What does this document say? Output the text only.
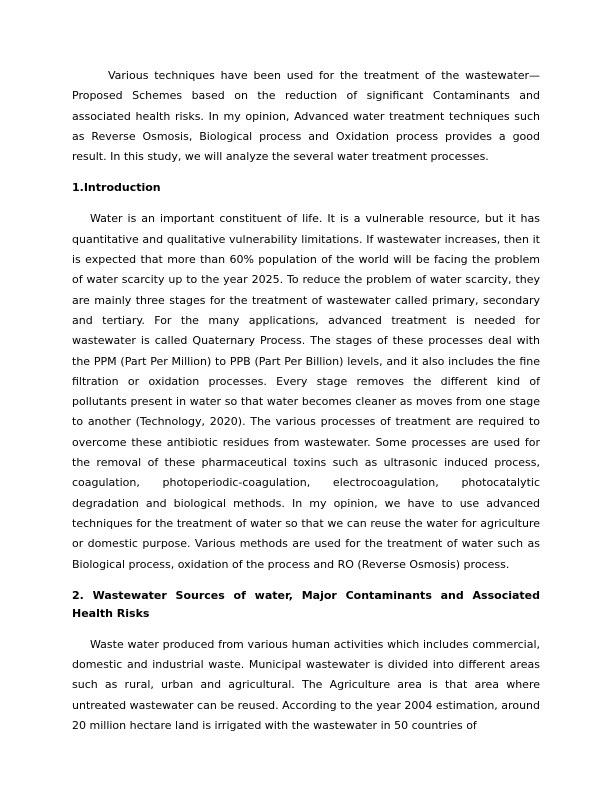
Various techniques have been used for the treatment of the wastewater—Proposed Schemes based on the reduction of significant Contaminants and associated health risks. In my opinion, Advanced water treatment techniques such as Reverse Osmosis, Biological process and Oxidation process provides a good result. In this study, we will analyze the several water treatment processes.

1.Introduction

Water is an important constituent of life. It is a vulnerable resource, but it has quantitative and qualitative vulnerability limitations. If wastewater increases, then it is expected that more than 60% population of the world will be facing the problem of water scarcity up to the year 2025. To reduce the problem of water scarcity, they are mainly three stages for the treatment of wastewater called primary, secondary and tertiary. For the many applications, advanced treatment is needed for wastewater is called Quaternary Process. The stages of these processes deal with the PPM (Part Per Million) to PPB (Part Per Billion) levels, and it also includes the fine filtration or oxidation processes. Every stage removes the different kind of pollutants present in water so that water becomes cleaner as moves from one stage to another (Technology, 2020). The various processes of treatment are required to overcome these antibiotic residues from wastewater. Some processes are used for the removal of these pharmaceutical toxins such as ultrasonic induced process, coagulation, photoperiodic-coagulation, electrocoagulation, photocatalytic degradation and biological methods. In my opinion, we have to use advanced techniques for the treatment of water so that we can reuse the water for agriculture or domestic purpose. Various methods are used for the treatment of water such as Biological process, oxidation of the process and RO (Reverse Osmosis) process.

2. Wastewater Sources of water, Major Contaminants and Associated Health Risks

Waste water produced from various human activities which includes commercial, domestic and industrial waste. Municipal wastewater is divided into different areas such as rural, urban and agricultural. The Agriculture area is that area where untreated wastewater can be reused. According to the year 2004 estimation, around 20 million hectare land is irrigated with the wastewater in 50 countries of
